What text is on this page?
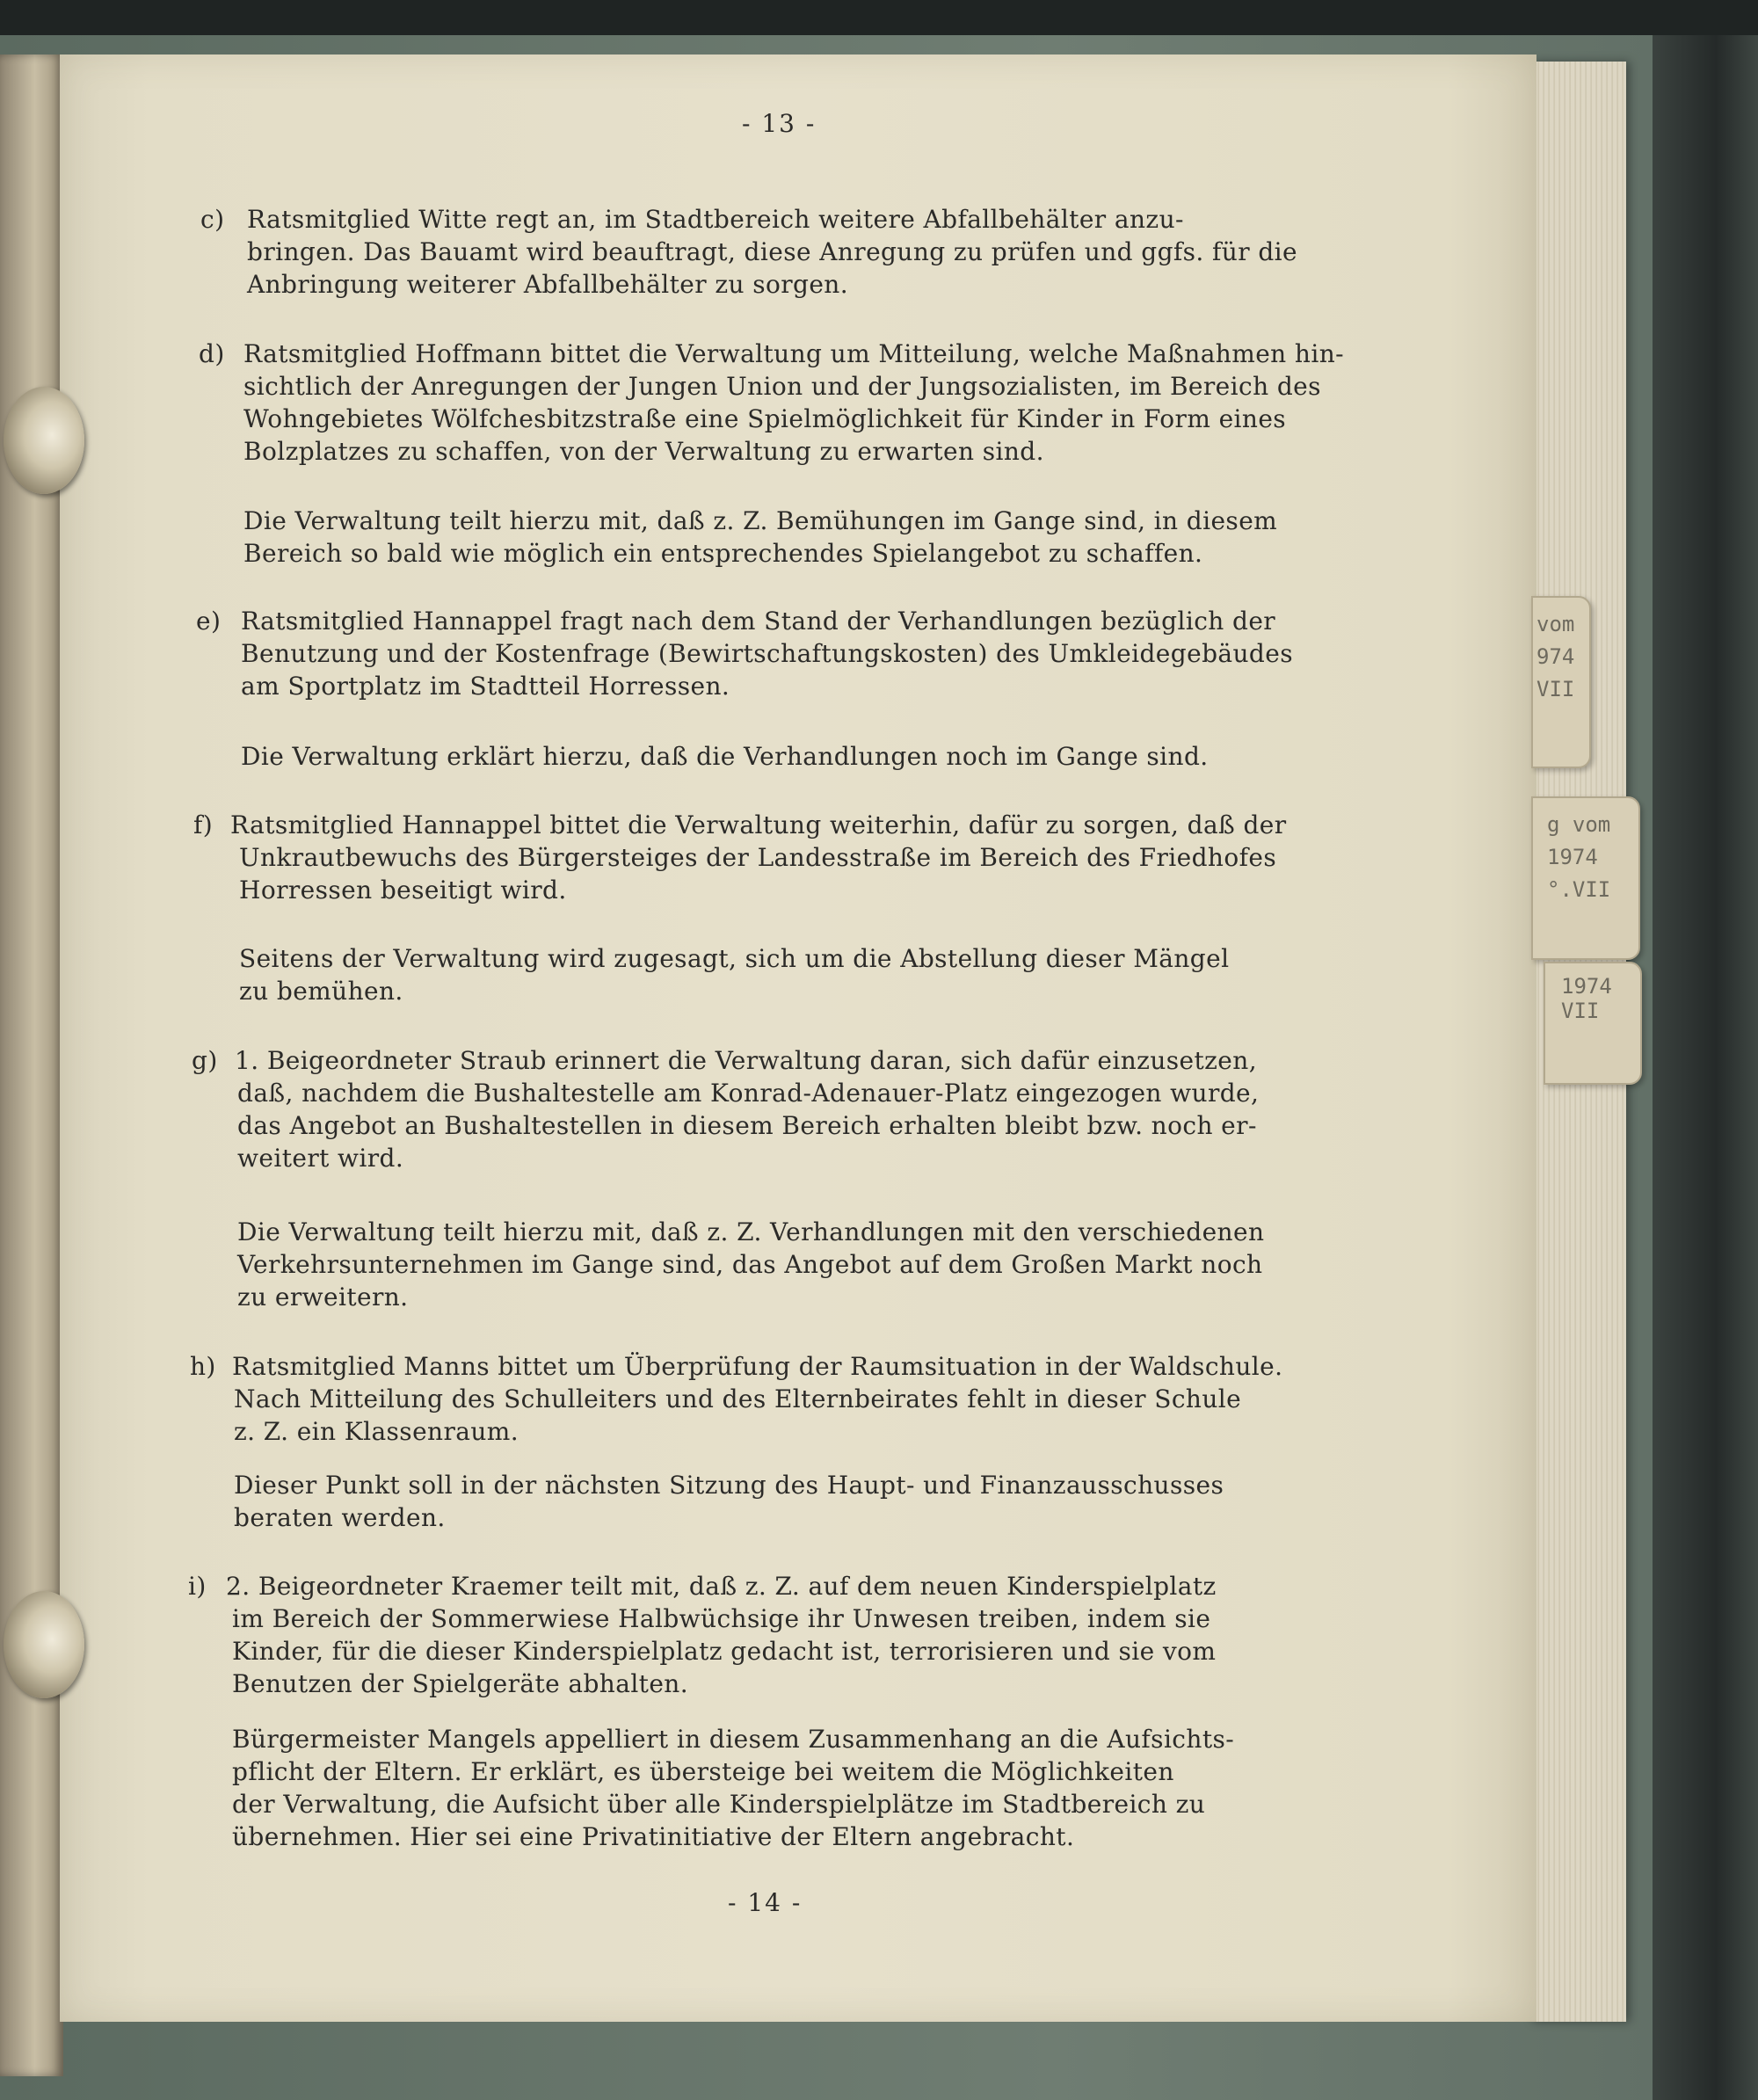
vom
974
VII
g vom
1974
°.VII
1974
VII
- 13 -
- 14 -
c) Ratsmitglied Witte regt an, im Stadtbereich weitere Abfallbehälter anzu-
bringen. Das Bauamt wird beauftragt, diese Anregung zu prüfen und ggfs. für die
Anbringung weiterer Abfallbehälter zu sorgen.
d) Ratsmitglied Hoffmann bittet die Verwaltung um Mitteilung, welche Maßnahmen hin-
sichtlich der Anregungen der Jungen Union und der Jungsozialisten, im Bereich des
Wohngebietes Wölfchesbitzstraße eine Spielmöglichkeit für Kinder in Form eines
Bolzplatzes zu schaffen, von der Verwaltung zu erwarten sind.
Die Verwaltung teilt hierzu mit, daß z. Z. Bemühungen im Gange sind, in diesem
Bereich so bald wie möglich ein entsprechendes Spielangebot zu schaffen.
e) Ratsmitglied Hannappel fragt nach dem Stand der Verhandlungen bezüglich der
Benutzung und der Kostenfrage (Bewirtschaftungskosten) des Umkleidegebäudes
am Sportplatz im Stadtteil Horressen.
Die Verwaltung erklärt hierzu, daß die Verhandlungen noch im Gange sind.
f) Ratsmitglied Hannappel bittet die Verwaltung weiterhin, dafür zu sorgen, daß der
Unkrautbewuchs des Bürgersteiges der Landesstraße im Bereich des Friedhofes
Horressen beseitigt wird.
Seitens der Verwaltung wird zugesagt, sich um die Abstellung dieser Mängel
zu bemühen.
g) 1. Beigeordneter Straub erinnert die Verwaltung daran, sich dafür einzusetzen,
daß, nachdem die Bushaltestelle am Konrad-Adenauer-Platz eingezogen wurde,
das Angebot an Bushaltestellen in diesem Bereich erhalten bleibt bzw. noch er-
weitert wird.
Die Verwaltung teilt hierzu mit, daß z. Z. Verhandlungen mit den verschiedenen
Verkehrsunternehmen im Gange sind, das Angebot auf dem Großen Markt noch
zu erweitern.
h) Ratsmitglied Manns bittet um Überprüfung der Raumsituation in der Waldschule.
Nach Mitteilung des Schulleiters und des Elternbeirates fehlt in dieser Schule
z. Z. ein Klassenraum.
Dieser Punkt soll in der nächsten Sitzung des Haupt- und Finanzausschusses
beraten werden.
i) 2. Beigeordneter Kraemer teilt mit, daß z. Z. auf dem neuen Kinderspielplatz
im Bereich der Sommerwiese Halbwüchsige ihr Unwesen treiben, indem sie
Kinder, für die dieser Kinderspielplatz gedacht ist, terrorisieren und sie vom
Benutzen der Spielgeräte abhalten.
Bürgermeister Mangels appelliert in diesem Zusammenhang an die Aufsichts-
pflicht der Eltern. Er erklärt, es übersteige bei weitem die Möglichkeiten
der Verwaltung, die Aufsicht über alle Kinderspielplätze im Stadtbereich zu
übernehmen. Hier sei eine Privatinitiative der Eltern angebracht.
